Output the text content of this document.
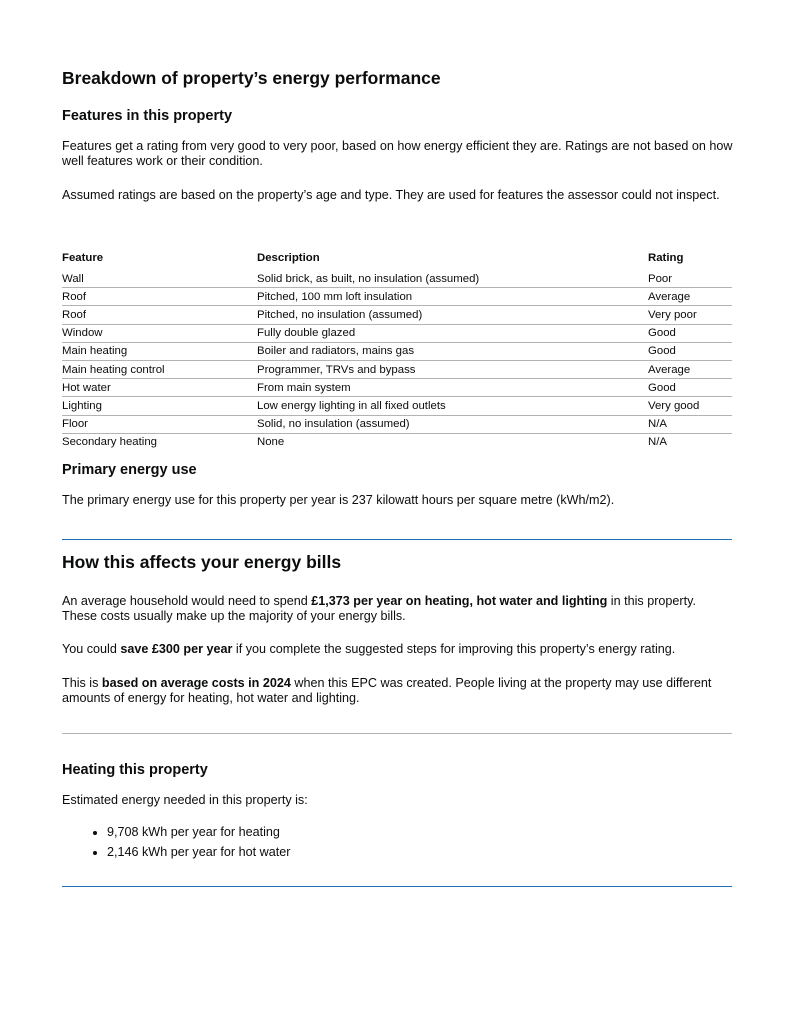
Breakdown of property’s energy performance
Features in this property

Features get a rating from very good to very poor, based on how energy efficient they are. Ratings are not based on how well features work or their condition.

Assumed ratings are based on the property’s age and type. They are used for features the assessor could not inspect.

Feature	Description	Rating
Wall	Solid brick, as built, no insulation (assumed)	Poor
Roof	Pitched, 100 mm loft insulation	Average
Roof	Pitched, no insulation (assumed)	Very poor
Window	Fully double glazed	Good
Main heating	Boiler and radiators, mains gas	Good
Main heating control	Programmer, TRVs and bypass	Average
Hot water	From main system	Good
Lighting	Low energy lighting in all fixed outlets	Very good
Floor	Solid, no insulation (assumed)	N/A
Secondary heating	None	N/A
Primary energy use

The primary energy use for this property per year is 237 kilowatt hours per square metre (kWh/m2).

How this affects your energy bills

An average household would need to spend £1,373 per year on heating, hot water and lighting in this property. These costs usually make up the majority of your energy bills.

You could save £300 per year if you complete the suggested steps for improving this property’s energy rating.

This is based on average costs in 2024 when this EPC was created. People living at the property may use different amounts of energy for heating, hot water and lighting.

Heating this property

Estimated energy needed in this property is:

• 9,708 kWh per year for heating
• 2,146 kWh per year for hot water
